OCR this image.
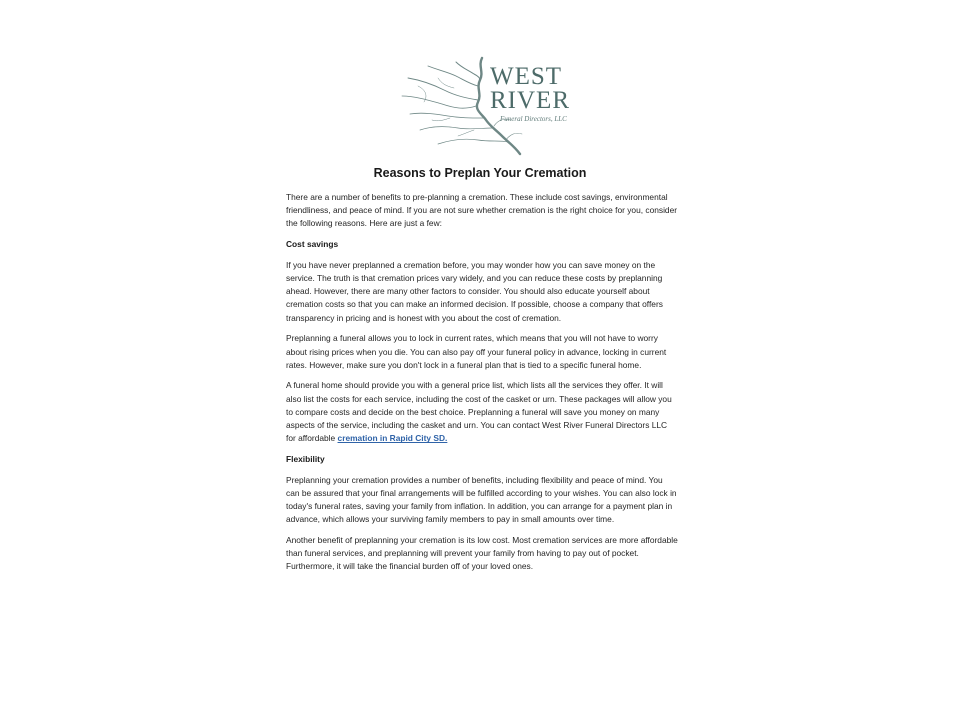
WEST
RIVER
Funeral Directors, LLC
Reasons to Preplan Your Cremation

There are a number of benefits to pre-planning a cremation. These include cost savings, environmental friendliness, and peace of mind. If you are not sure whether cremation is the right choice for you, consider the following reasons. Here are just a few:

Cost savings

If you have never preplanned a cremation before, you may wonder how you can save money on the service. The truth is that cremation prices vary widely, and you can reduce these costs by preplanning ahead. However, there are many other factors to consider. You should also educate yourself about cremation costs so that you can make an informed decision. If possible, choose a company that offers transparency in pricing and is honest with you about the cost of cremation.

Preplanning a funeral allows you to lock in current rates, which means that you will not have to worry about rising prices when you die. You can also pay off your funeral policy in advance, locking in current rates. However, make sure you don't lock in a funeral plan that is tied to a specific funeral home.

A funeral home should provide you with a general price list, which lists all the services they offer. It will also list the costs for each service, including the cost of the casket or urn. These packages will allow you to compare costs and decide on the best choice. Preplanning a funeral will save you money on many aspects of the service, including the casket and urn. You can contact West River Funeral Directors LLC for affordable cremation in Rapid City SD.

Flexibility

Preplanning your cremation provides a number of benefits, including flexibility and peace of mind. You can be assured that your final arrangements will be fulfilled according to your wishes. You can also lock in today's funeral rates, saving your family from inflation. In addition, you can arrange for a payment plan in advance, which allows your surviving family members to pay in small amounts over time.

Another benefit of preplanning your cremation is its low cost. Most cremation services are more affordable than funeral services, and preplanning will prevent your family from having to pay out of pocket. Furthermore, it will take the financial burden off of your loved ones.
